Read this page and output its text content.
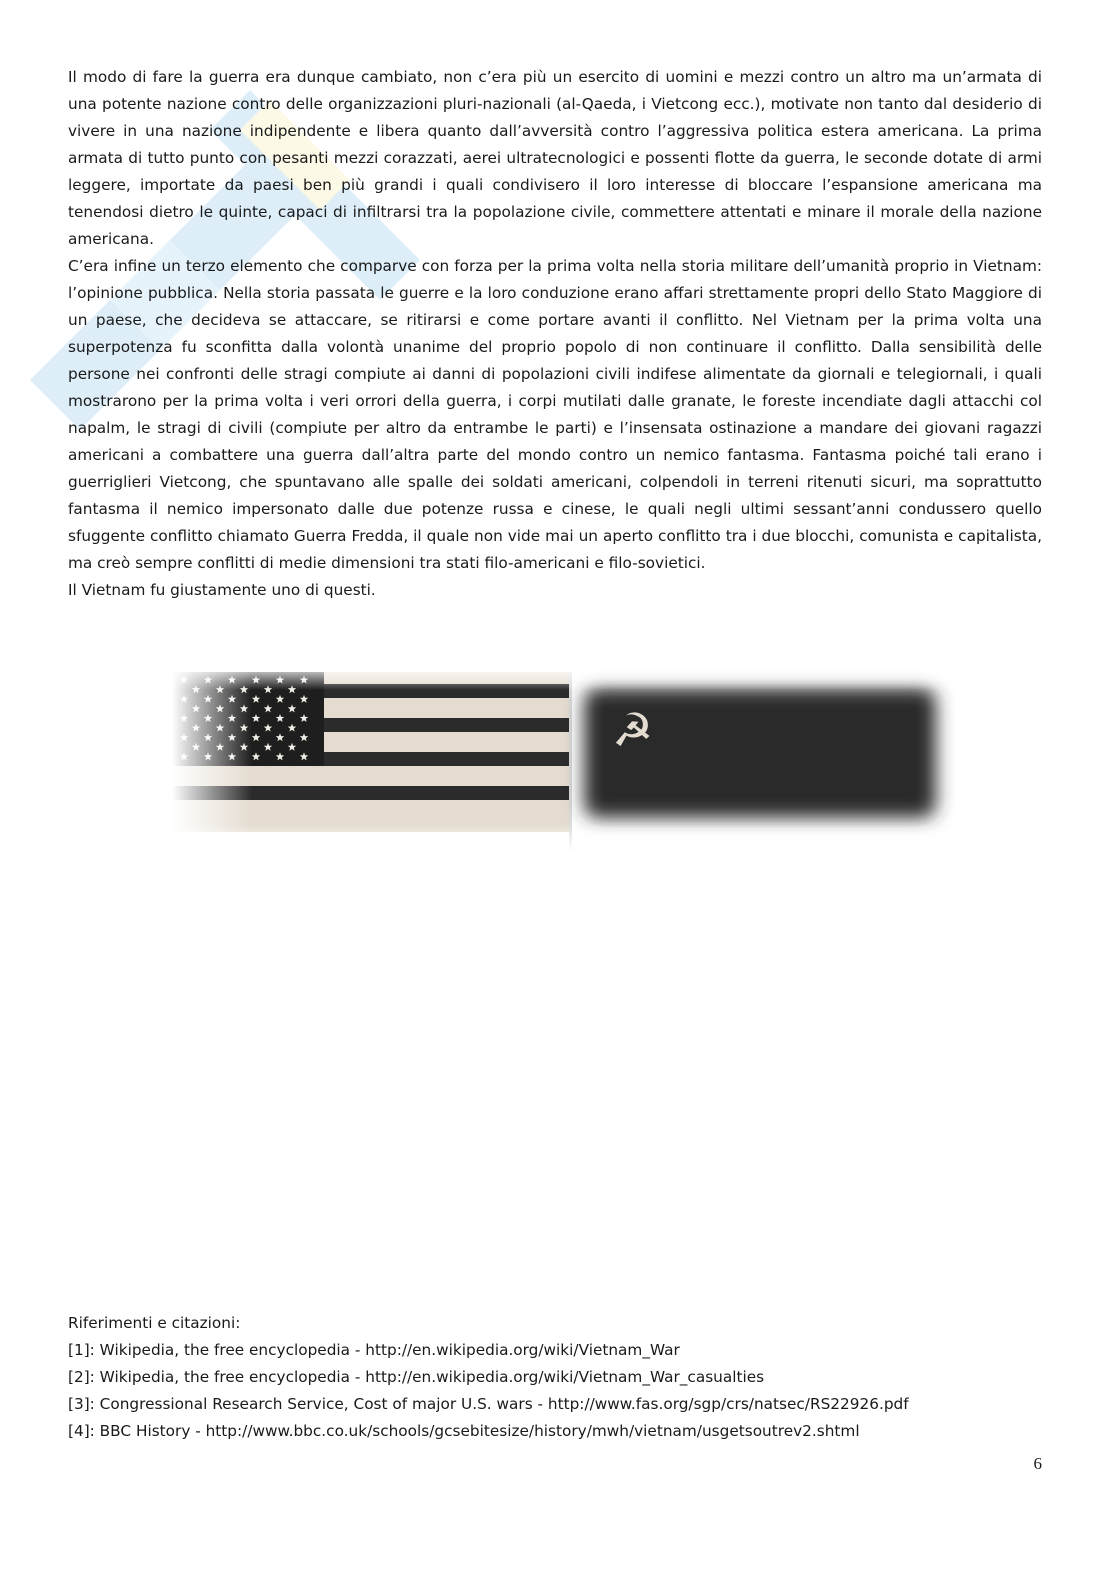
Il modo di fare la guerra era dunque cambiato, non c’era più un esercito di uomini e mezzi contro un altro ma un’armata di una potente nazione contro delle organizzazioni pluri-nazionali (al-Qaeda, i Vietcong ecc.), motivate non tanto dal desiderio di vivere in una nazione indipendente e libera quanto dall’avversità contro l’aggressiva politica estera americana. La prima armata di tutto punto con pesanti mezzi corazzati, aerei ultratecnologici e possenti flotte da guerra, le seconde dotate di armi leggere, importate da paesi ben più grandi i quali condivisero il loro interesse di bloccare l’espansione americana ma tenendosi dietro le quinte, capaci di infiltrarsi tra la popolazione civile, commettere attentati e minare il morale della nazione americana.

C’era infine un terzo elemento che comparve con forza per la prima volta nella storia militare dell’umanità proprio in Vietnam: l’opinione pubblica. Nella storia passata le guerre e la loro conduzione erano affari strettamente propri dello Stato Maggiore di un paese, che decideva se attaccare, se ritirarsi e come portare avanti il conflitto. Nel Vietnam per la prima volta una superpotenza fu sconfitta dalla volontà unanime del proprio popolo di non continuare il conflitto. Dalla sensibilità delle persone nei confronti delle stragi compiute ai danni di popolazioni civili indifese alimentate da giornali e telegiornali, i quali mostrarono per la prima volta i veri orrori della guerra, i corpi mutilati dalle granate, le foreste incendiate dagli attacchi col napalm, le stragi di civili (compiute per altro da entrambe le parti) e l’insensata ostinazione a mandare dei giovani ragazzi americani a combattere una guerra dall’altra parte del mondo contro un nemico fantasma. Fantasma poiché tali erano i guerriglieri Vietcong, che spuntavano alle spalle dei soldati americani, colpendoli in terreni ritenuti sicuri, ma soprattutto fantasma il nemico impersonato dalle due potenze russa e cinese, le quali negli ultimi sessant’anni condussero quello sfuggente conflitto chiamato Guerra Fredda, il quale non vide mai un aperto conflitto tra i due blocchi, comunista e capitalista, ma creò sempre conflitti di medie dimensioni tra stati filo-americani e filo-sovietici.

Il Vietnam fu giustamente uno di questi.

☭

Riferimenti e citazioni:

[1]: Wikipedia, the free encyclopedia - http://en.wikipedia.org/wiki/Vietnam_War

[2]: Wikipedia, the free encyclopedia - http://en.wikipedia.org/wiki/Vietnam_War_casualties

[3]: Congressional Research Service, Cost of major U.S. wars - http://www.fas.org/sgp/crs/natsec/RS22926.pdf

[4]: BBC History - http://www.bbc.co.uk/schools/gcsebitesize/history/mwh/vietnam/usgetsoutrev2.shtml

6
